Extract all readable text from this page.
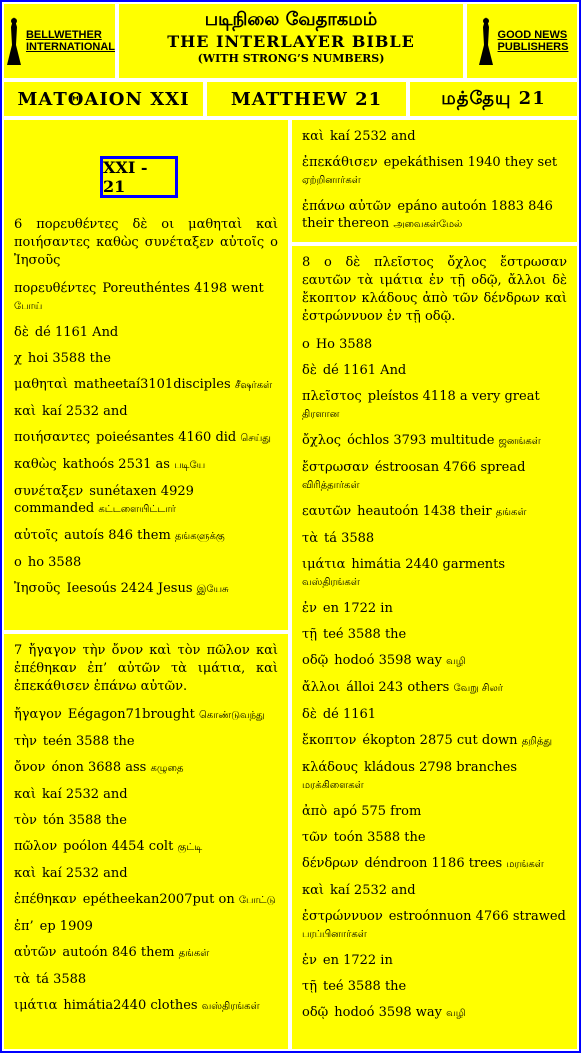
BELLWETHER
INTERNATIONAL
படிநிலை வேதாகமம்
THE INTERLAYER BIBLE
(WITH STRONG’S NUMBERS)
GOOD NEWS
PUBLISHERS
ΜΑΤΘΑΙΟΝ XXI MATTHEW 21	மத்தேயு 21
XXI - 21
6 πορευθέντες δὲ οι μαθηταὶ καὶ ποιήσαντες καθὼς συνέταξεν αὐτοῖς ο Ἰησοῦς
πορευθέντες Poreuthéntes 4198 went போய்
δὲ dé 1161 And
χ hoi 3588 the
μαθηταὶ matheetaí3101disciples சீஷர்கள்
καὶ kaí 2532 and
ποιήσαντες poieésantes 4160 did செய்து
καθὼς kathoós 2531 as படியே
συνέταξεν sunétaxen 4929 commanded கட்டளையிட்டார்
αὐτοῖς autoís 846 them தங்களுக்கு
ο ho 3588
Ἰησοῦς Ieesoús 2424 Jesus இயேசு
7 ἤγαγον τὴν ὄνον καὶ τὸν πῶλον καὶ ἐπέθηκαν ἐπ’ αὐτῶν τὰ ιμάτια, καὶ ἐπεκάθισεν ἐπάνω αὐτῶν.
ἤγαγον Eégagon71brought கொண்டுவந்து
τὴν teén 3588 the
ὄνον ónon 3688 ass கழுதை
καὶ kaí 2532 and
τὸν tón 3588 the
πῶλον poólon 4454 colt குட்டி
καὶ kaí 2532 and
ἐπέθηκαν epétheekan2007put on போட்டு
ἐπ’ ep 1909
αὐτῶν autoón 846 them தங்கள்
τὰ tá 3588
ιμάτια himátia2440 clothes வஸ்திரங்கள்
καὶ kaí 2532 and
ἐπεκάθισεν epekáthisen 1940 they set ஏற்றினார்கள்
ἐπάνω αὐτῶν epáno autoón 1883 846 their thereon அவைகள்மேல்
8 ο δὲ πλεῖστος ὄχλος ἔστρωσαν εαυτῶν τὰ ιμάτια ἐν τῇ οδῷ, ἄλλοι δὲ ἔκοπτον κλάδους ἀπὸ τῶν δένδρων καὶ ἐστρώννυον ἐν τῇ οδῷ.
ο Ho 3588
δὲ dé 1161 And
πλεῖστος pleístos 4118 a very great திரளான
ὄχλος óchlos 3793 multitude ஜனங்கள்
ἔστρωσαν éstroosan 4766 spread விரித்தார்கள்
εαυτῶν heautoón 1438 their தங்கள்
τὰ tá 3588
ιμάτια himátia 2440 garments வஸ்திரங்கள்
ἐν en 1722 in
τῇ teé 3588 the
οδῷ hodoó 3598 way வழி
ἄλλοι álloi 243 others வேறு சிலர்
δὲ dé 1161
ἔκοπτον ékopton 2875 cut down தறித்து
κλάδους kládous 2798 branches மரக்கிளைகள்
ἀπὸ apó 575 from
τῶν toón 3588 the
δένδρων déndroon 1186 trees மரங்கள்
καὶ kaí 2532 and
ἐστρώννυον estroónnuon 4766 strawed பரப்பினார்கள்
ἐν en 1722 in
τῇ teé 3588 the
οδῷ hodoó 3598 way வழி
